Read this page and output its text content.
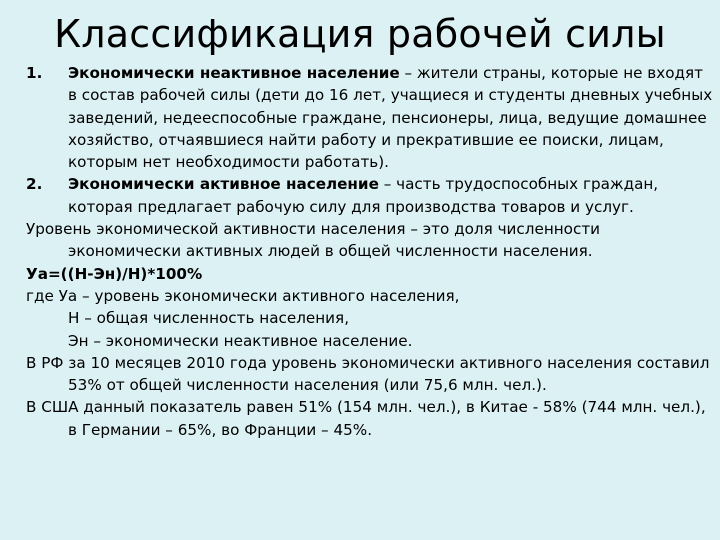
Классификация рабочей силы
1. Экономически неактивное население – жители страны, которые не входят в состав рабочей силы (дети до 16 лет, учащиеся и студенты дневных учебных заведений, недееспособные граждане, пенсионеры, лица, ведущие домашнее хозяйство, отчаявшиеся найти работу и прекратившие ее поиски, лицам, которым нет необходимости работать).
2. Экономически активное население – часть трудоспособных граждан, которая предлагает рабочую силу для производства товаров и услуг.
Уровень экономической активности населения – это доля численности экономически активных людей в общей численности населения.
Уа=((Н-Эн)/Н)*100%
где Уа – уровень экономически активного населения,
Н – общая численность населения,
Эн – экономически неактивное население.
В РФ за 10 месяцев 2010 года уровень экономически активного населения составил 53% от общей численности населения (или 75,6 млн. чел.).
В США данный показатель равен 51% (154 млн. чел.), в Китае - 58% (744 млн. чел.), в Германии – 65%, во Франции – 45%.
